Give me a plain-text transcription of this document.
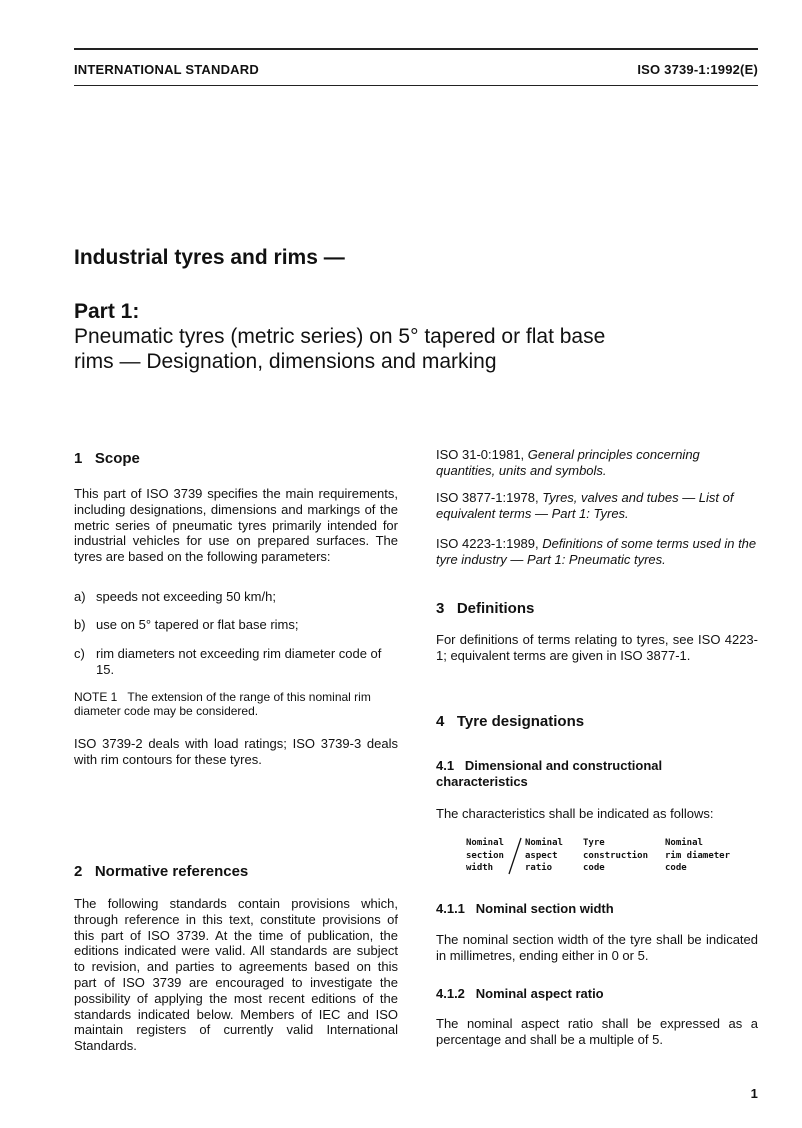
INTERNATIONAL STANDARD	ISO 3739-1:1992(E)
Industrial tyres and rims —
Part 1:
Pneumatic tyres (metric series) on 5° tapered or flat base
rims — Designation, dimensions and marking
1   Scope
This part of ISO 3739 specifies the main requirements, including designations, dimensions and markings of the metric series of pneumatic tyres primarily intended for industrial vehicles for use on prepared surfaces. The tyres are based on the following parameters:
a) speeds not exceeding 50 km/h;
b) use on 5° tapered or flat base rims;
c) rim diameters not exceeding rim diameter code of 15.
NOTE 1 The extension of the range of this nominal rim diameter code may be considered.
ISO 3739-2 deals with load ratings; ISO 3739-3 deals with rim contours for these tyres.
2   Normative references
The following standards contain provisions which, through reference in this text, constitute provisions of this part of ISO 3739. At the time of publication, the editions indicated were valid. All standards are subject to revision, and parties to agreements based on this part of ISO 3739 are encouraged to investigate the possibility of applying the most recent editions of the standards indicated below. Members of IEC and ISO maintain registers of currently valid International Standards.
ISO 31-0:1981, General principles concerning quantities, units and symbols.
ISO 3877-1:1978, Tyres, valves and tubes — List of equivalent terms — Part 1: Tyres.
ISO 4223-1:1989, Definitions of some terms used in the tyre industry — Part 1: Pneumatic tyres.
3   Definitions
For definitions of terms relating to tyres, see ISO 4223-1; equivalent terms are given in ISO 3877-1.
4   Tyre designations
4.1   Dimensional and constructional
characteristics
The characteristics shall be indicated as follows:
Nominal
section
width
Nominal
aspect
ratio
Tyre
construction
code
Nominal
rim diameter
code
4.1.1   Nominal section width
The nominal section width of the tyre shall be indicated in millimetres, ending either in 0 or 5.
4.1.2   Nominal aspect ratio
The nominal aspect ratio shall be expressed as a percentage and shall be a multiple of 5.
1
